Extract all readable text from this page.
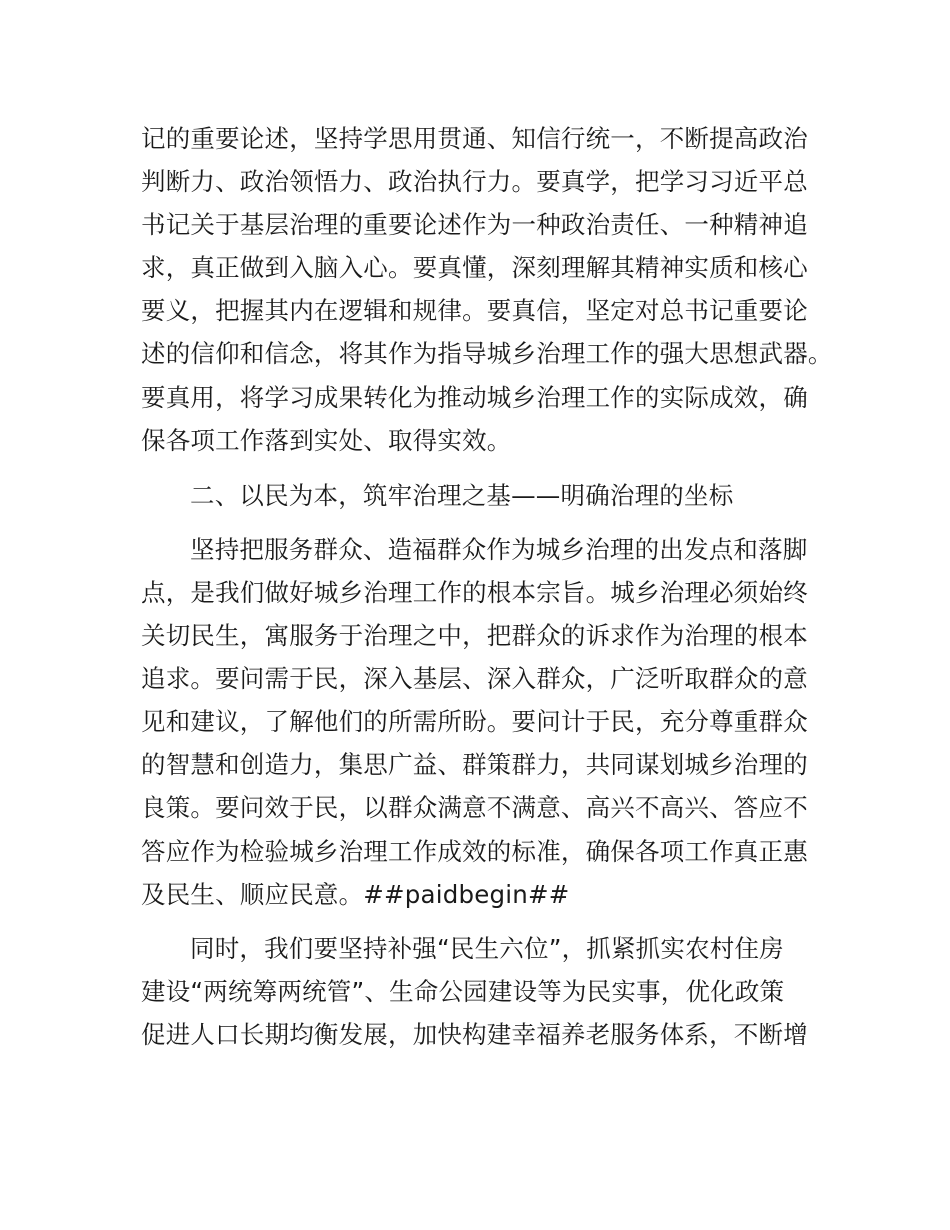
记的重要论述，坚持学思用贯通、知信行统一，不断提高政治
判断力、政治领悟力、政治执行力。要真学，把学习习近平总
书记关于基层治理的重要论述作为一种政治责任、一种精神追
求，真正做到入脑入心。要真懂，深刻理解其精神实质和核心
要义，把握其内在逻辑和规律。要真信，坚定对总书记重要论
述的信仰和信念，将其作为指导城乡治理工作的强大思想武器。
要真用，将学习成果转化为推动城乡治理工作的实际成效，确
保各项工作落到实处、取得实效。
二、以民为本，筑牢治理之基——明确治理的坐标
坚持把服务群众、造福群众作为城乡治理的出发点和落脚
点，是我们做好城乡治理工作的根本宗旨。城乡治理必须始终
关切民生，寓服务于治理之中，把群众的诉求作为治理的根本
追求。要问需于民，深入基层、深入群众，广泛听取群众的意
见和建议，了解他们的所需所盼。要问计于民，充分尊重群众
的智慧和创造力，集思广益、群策群力，共同谋划城乡治理的
良策。要问效于民，以群众满意不满意、高兴不高兴、答应不
答应作为检验城乡治理工作成效的标准，确保各项工作真正惠
及民生、顺应民意。##paidbegin##
同时，我们要坚持补强“民生六位”，抓紧抓实农村住房
建设“两统筹两统管”、生命公园建设等为民实事，优化政策
促进人口长期均衡发展，加快构建幸福养老服务体系，不断增
